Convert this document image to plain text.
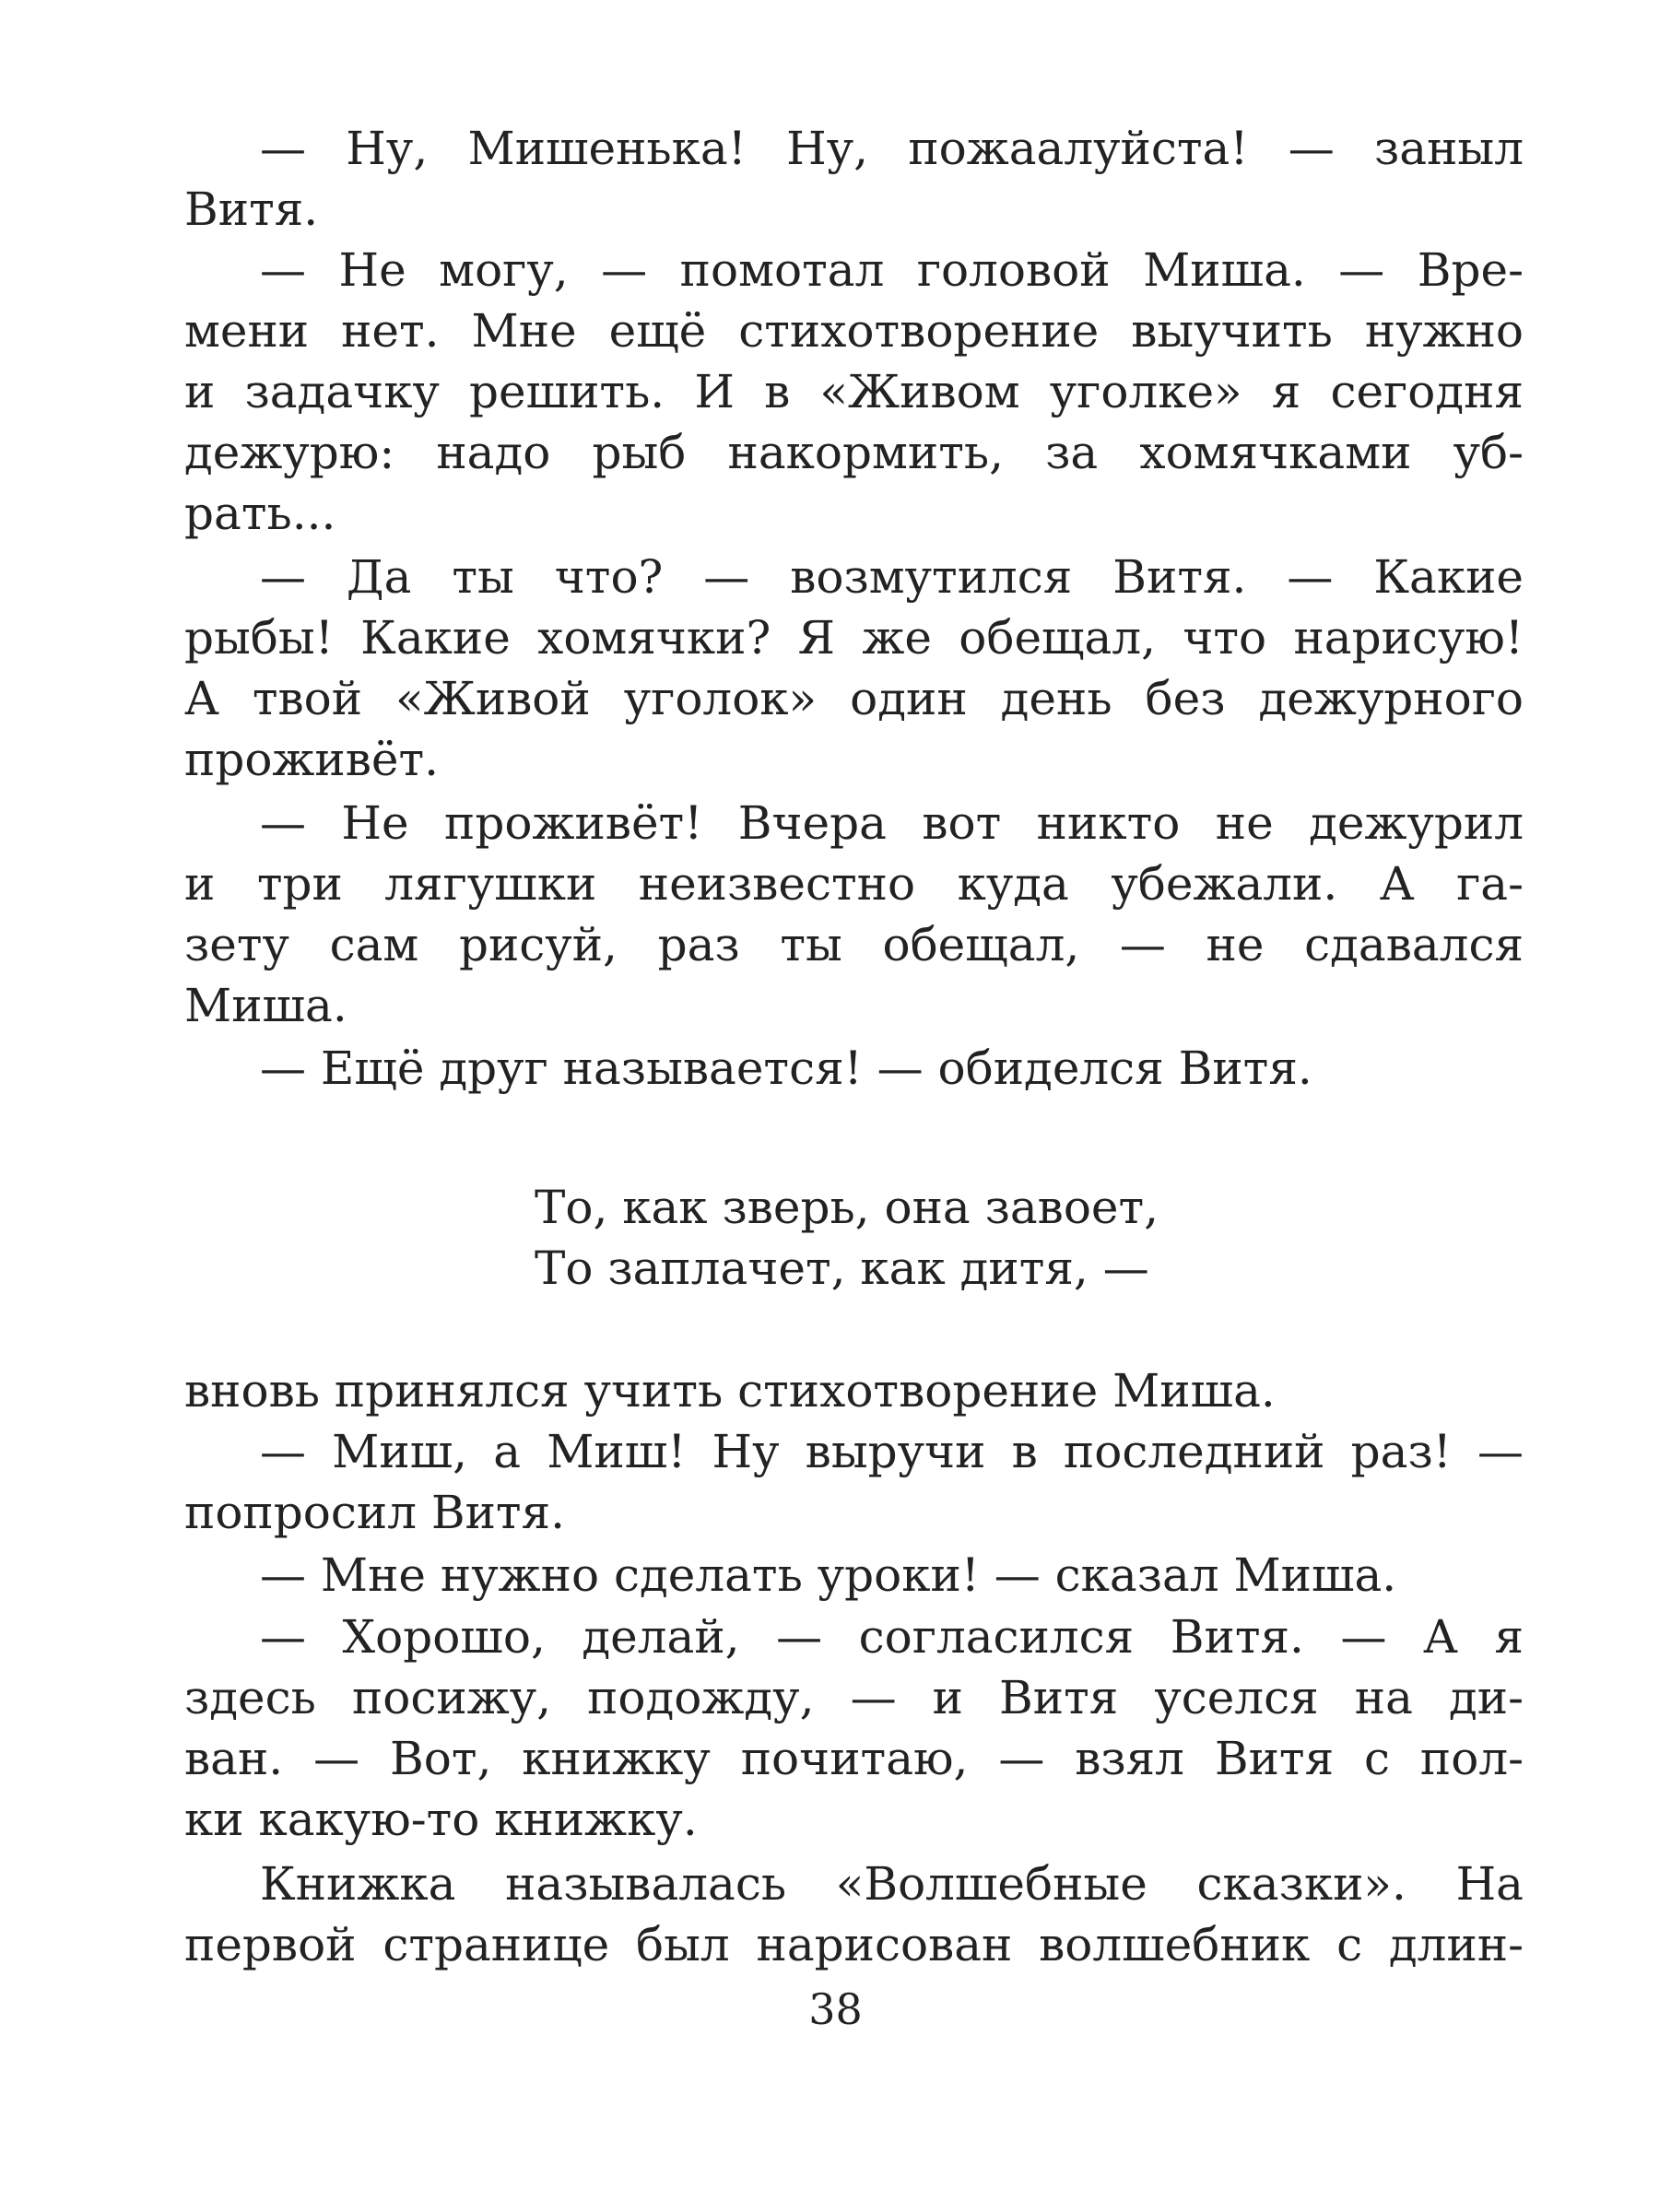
— Ну, Мишенька! Ну, пожаалуйста! — заныл

Витя.

— Не могу, — помотал головой Миша. — Вре-

мени нет. Мне ещё стихотворение выучить нужно

и задачку решить. И в «Живом уголке» я сегодня

дежурю: надо рыб накормить, за хомячками уб-

рать...

— Да ты что? — возмутился Витя. — Какие

рыбы! Какие хомячки? Я же обещал, что нарисую!

А твой «Живой уголок» один день без дежурного

проживёт.

— Не проживёт! Вчера вот никто не дежурил

и три лягушки неизвестно куда убежали. А га-

зету сам рисуй, раз ты обещал, — не сдавался

Миша.

— Ещё друг называется! — обиделся Витя.

То, как зверь, она завоет,

То заплачет, как дитя, —

вновь принялся учить стихотворение Миша.

— Миш, а Миш! Ну выручи в последний раз! —

попросил Витя.

— Мне нужно сделать уроки! — сказал Миша.

— Хорошо, делай, — согласился Витя. — А я

здесь посижу, подожду, — и Витя уселся на ди-

ван. — Вот, книжку почитаю, — взял Витя с пол-

ки какую-то книжку.

Книжка называлась «Волшебные сказки». На

первой странице был нарисован волшебник с длин-

38
